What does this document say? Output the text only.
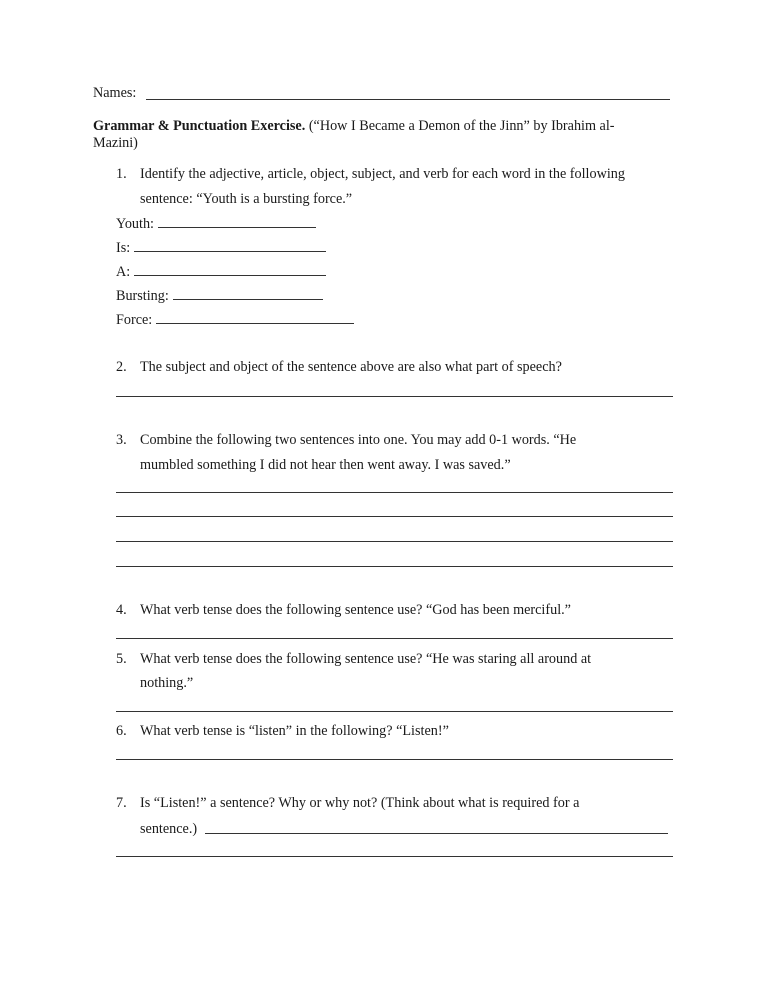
Names:
Grammar & Punctuation Exercise. (“How I Became a Demon of the Jinn” by Ibrahim al-
Mazini)
1. Identify the adjective, article, object, subject, and verb for each word in the following
sentence: “Youth is a bursting force.”
Youth:
Is:
A:
Bursting:
Force:
2. The subject and object of the sentence above are also what part of speech?
3. Combine the following two sentences into one. You may add 0-1 words. “He
mumbled something I did not hear then went away. I was saved.”
4. What verb tense does the following sentence use? “God has been merciful.”
5. What verb tense does the following sentence use? “He was staring all around at
nothing.”
6. What verb tense is “listen” in the following? “Listen!”
7. Is “Listen!” a sentence? Why or why not? (Think about what is required for a
sentence.)
